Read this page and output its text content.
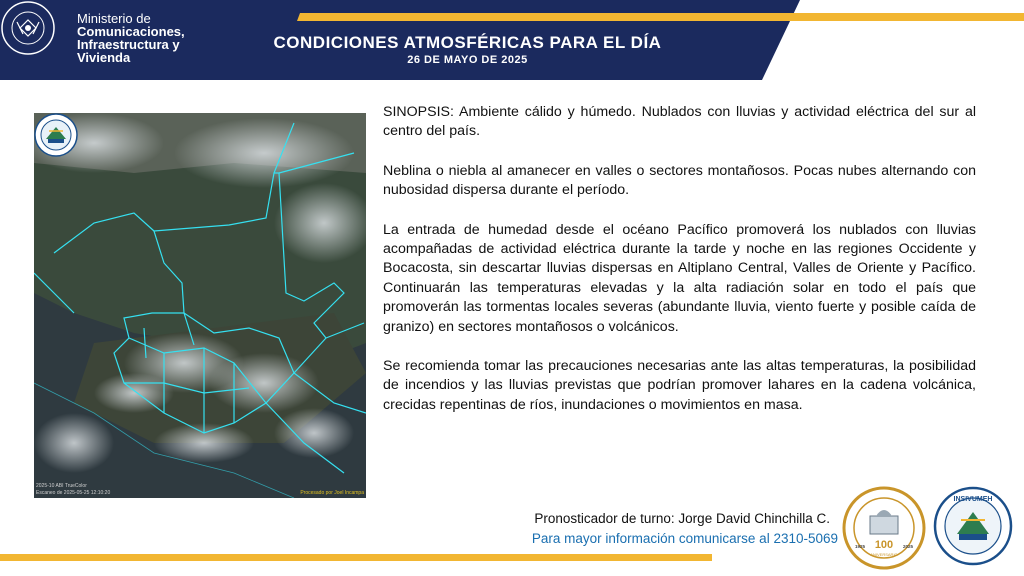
Ministerio de
Comunicaciones,
Infraestructura y
Vivienda
CONDICIONES ATMOSFÉRICAS PARA EL DÍA
26 DE MAYO DE 2025
2025-10 ABI TrueColor
Escaneo de 2025-05-25 12:10:20	Procesado por Joel Incampa

SINOPSIS: Ambiente cálido y húmedo. Nublados con lluvias y actividad eléctrica del sur al centro del país.

Neblina o niebla al amanecer en valles o sectores montañosos. Pocas nubes alternando con nubosidad dispersa durante el período.

La entrada de humedad desde el océano Pacífico promoverá los nublados con lluvias acompañadas de actividad eléctrica durante la tarde y noche en las regiones Occidente y Bocacosta, sin descartar lluvias dispersas en Altiplano Central, Valles de Oriente y Pacífico. Continuarán las temperaturas elevadas y la alta radiación solar en todo el país que promoverán las tormentas locales severas (abundante lluvia, viento fuerte y posible caída de granizo) en sectores montañosos o volcánicos.

Se recomienda tomar las precauciones necesarias ante las altas temperaturas, la posibilidad de incendios y las lluvias previstas que podrían promover lahares en la cadena volcánica, crecidas repentinas de ríos, inundaciones o movimientos en masa.

Pronosticador de turno: Jorge David Chinchilla C.
Para mayor información comunicarse al 2310-5069	100
ANIVERSARIO
1925	2025
INSIVUMEH
